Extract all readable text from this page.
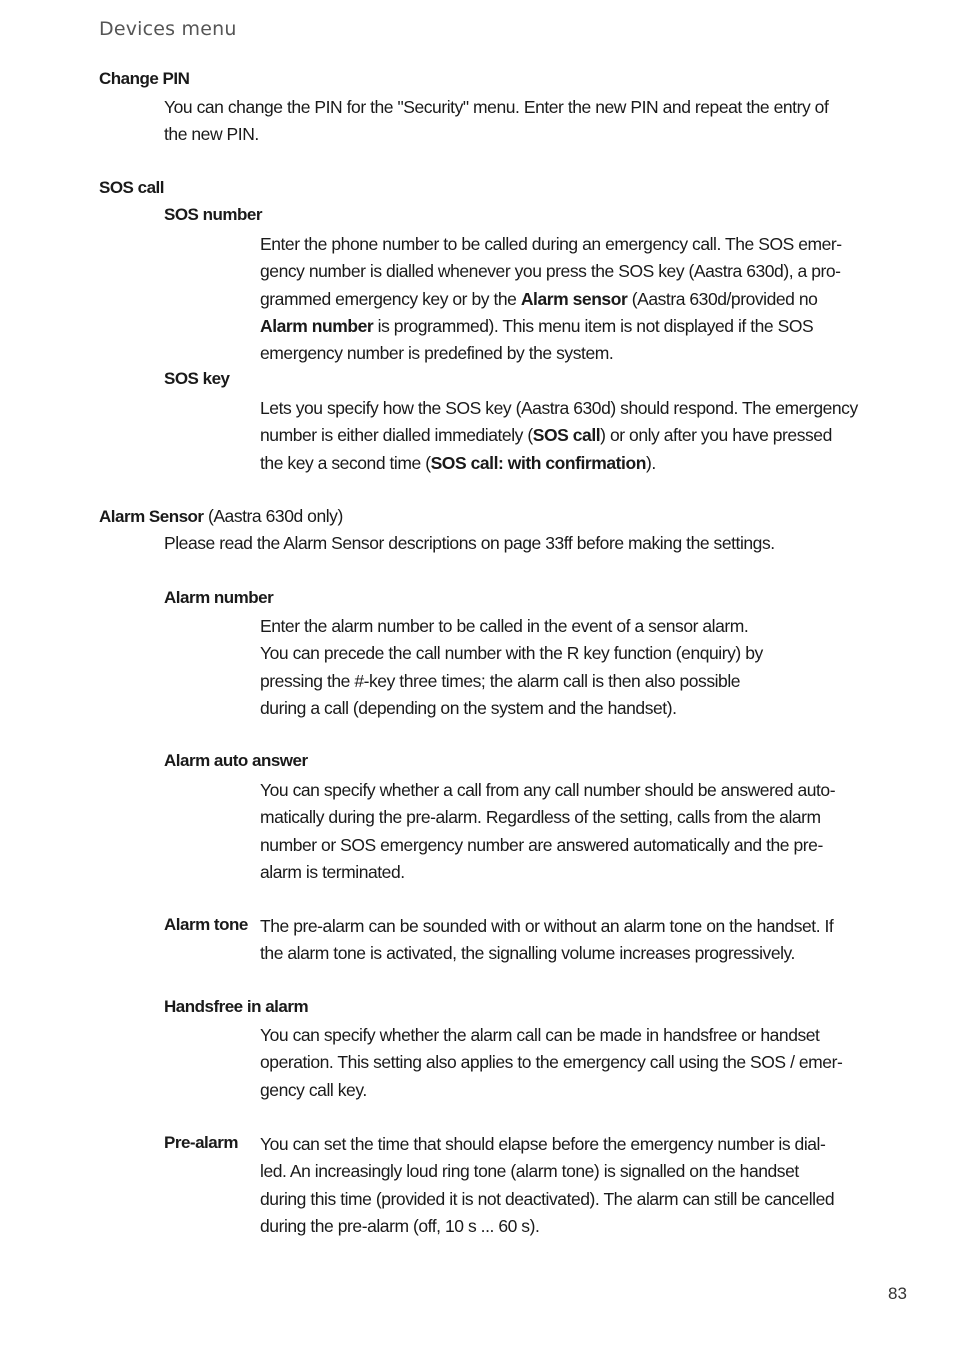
Devices menu
Change PIN
You can change the PIN for the "Security" menu. Enter the new PIN and repeat the entry of
the new PIN.
SOS call
SOS number
Enter the phone number to be called during an emergency call. The SOS emer-
gency number is dialled whenever you press the SOS key (Aastra 630d), a pro-
grammed emergency key or by the Alarm sensor (Aastra 630d/provided no
Alarm number is programmed). This menu item is not displayed if the SOS
emergency number is predefined by the system.
SOS key
Lets you specify how the SOS key (Aastra 630d) should respond. The emergency
number is either dialled immediately (SOS call) or only after you have pressed
the key a second time (SOS call: with confirmation).
Alarm Sensor (Aastra 630d only)
Please read the Alarm Sensor descriptions on page 33ff before making the settings.
Alarm number
Enter the alarm number to be called in the event of a sensor alarm.
You can precede the call number with the R key function (enquiry) by
pressing the #-key three times; the alarm call is then also possible
during a call (depending on the system and the handset).
Alarm auto answer
You can specify whether a call from any call number should be answered auto-
matically during the pre-alarm. Regardless of the setting, calls from the alarm
number or SOS emergency number are answered automatically and the pre-
alarm is terminated.
Alarm tone The pre-alarm can be sounded with or without an alarm tone on the handset. If
the alarm tone is activated, the signalling volume increases progressively.
Handsfree in alarm
You can specify whether the alarm call can be made in handsfree or handset
operation. This setting also applies to the emergency call using the SOS / emer-
gency call key.
Pre-alarm You can set the time that should elapse before the emergency number is dial-
led. An increasingly loud ring tone (alarm tone) is signalled on the handset
during this time (provided it is not deactivated). The alarm can still be cancelled
during the pre-alarm (off, 10 s ... 60 s).
83
